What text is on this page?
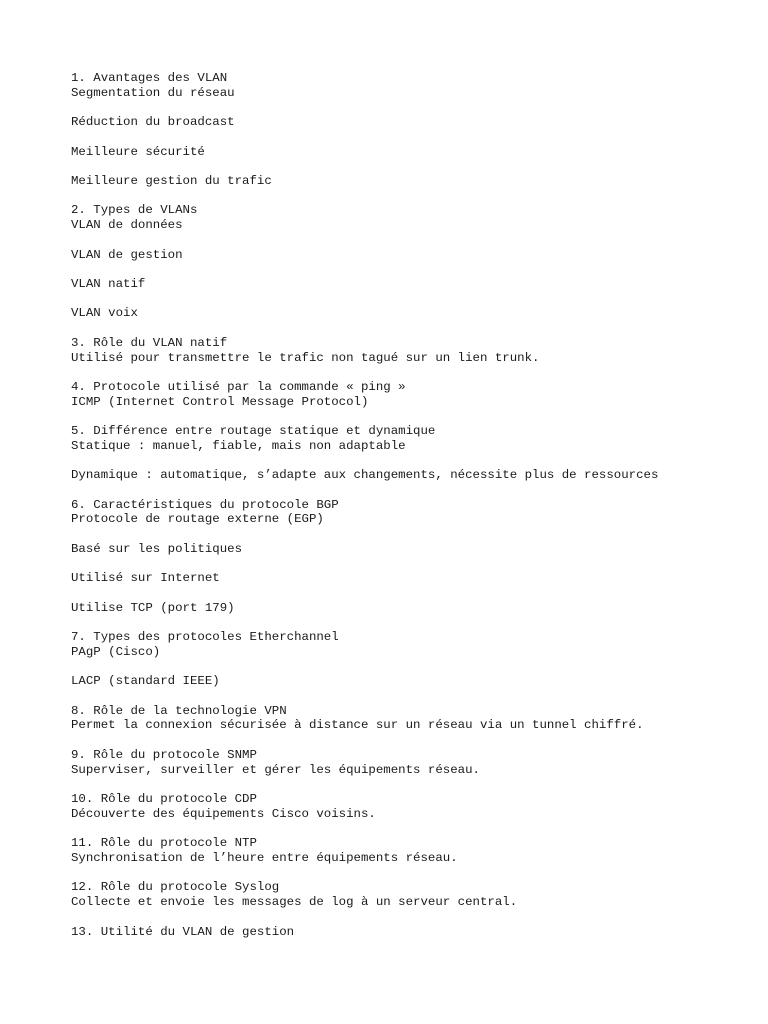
1. Avantages des VLAN
Segmentation du réseau
Réduction du broadcast
Meilleure sécurité
Meilleure gestion du trafic
2. Types de VLANs
VLAN de données
VLAN de gestion
VLAN natif
VLAN voix
3. Rôle du VLAN natif
Utilisé pour transmettre le trafic non tagué sur un lien trunk.
4. Protocole utilisé par la commande « ping »
ICMP (Internet Control Message Protocol)
5. Différence entre routage statique et dynamique
Statique : manuel, fiable, mais non adaptable
Dynamique : automatique, s’adapte aux changements, nécessite plus de ressources
6. Caractéristiques du protocole BGP
Protocole de routage externe (EGP)
Basé sur les politiques
Utilisé sur Internet
Utilise TCP (port 179)
7. Types des protocoles Etherchannel
PAgP (Cisco)
LACP (standard IEEE)
8. Rôle de la technologie VPN
Permet la connexion sécurisée à distance sur un réseau via un tunnel chiffré.
9. Rôle du protocole SNMP
Superviser, surveiller et gérer les équipements réseau.
10. Rôle du protocole CDP
Découverte des équipements Cisco voisins.
11. Rôle du protocole NTP
Synchronisation de l’heure entre équipements réseau.
12. Rôle du protocole Syslog
Collecte et envoie les messages de log à un serveur central.
13. Utilité du VLAN de gestion
